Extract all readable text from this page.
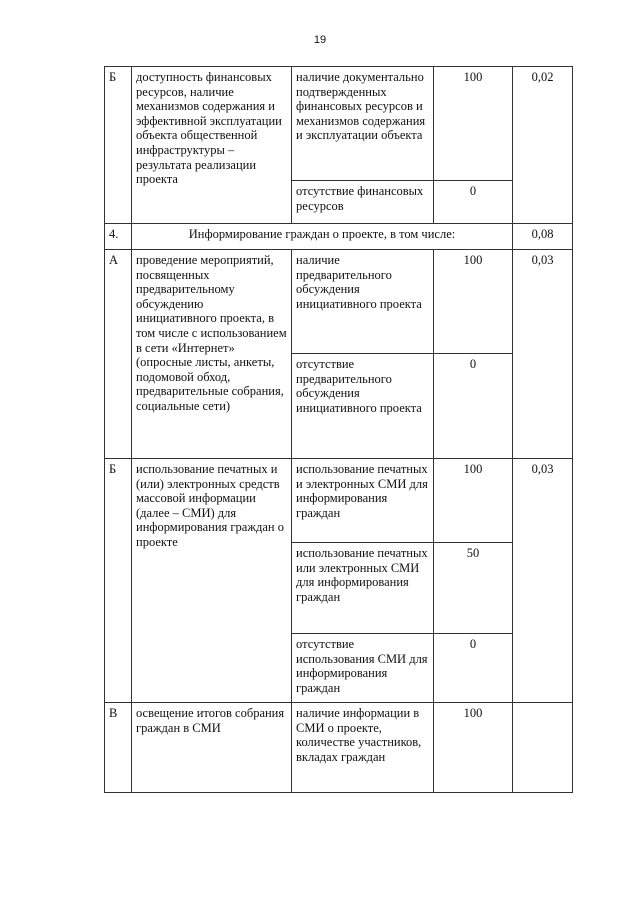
19
Б	доступность финансовых ресурсов, наличие механизмов содержания и эффективной эксплуатации объекта общественной инфраструктуры – результата реализации проекта	наличие документально подтвержденных финансовых ресурсов и механизмов содержания и эксплуатации объекта	100	0,02
		отсутствие финансовых ресурсов	0	
4.	Информирование граждан о проекте, в том числе:			0,08
А	проведение мероприятий, посвященных предварительному обсуждению инициативного проекта, в том числе с использованием в сети «Интернет» (опросные листы, анкеты, подомовой обход, предварительные собрания, социальные сети)	наличие предварительного обсуждения инициативного проекта	100	0,03
		отсутствие предварительного обсуждения инициативного проекта	0	
Б	использование печатных и (или) электронных средств массовой информации (далее – СМИ) для информирования граждан о проекте	использование печатных и электронных СМИ для информирования граждан	100	0,03
		использование печатных или электронных СМИ для информирования граждан	50	
		отсутствие использования СМИ для информирования граждан	0	
В	освещение итогов собрания граждан в СМИ	наличие информации в СМИ о проекте, количестве участников, вкладах граждан	100	
